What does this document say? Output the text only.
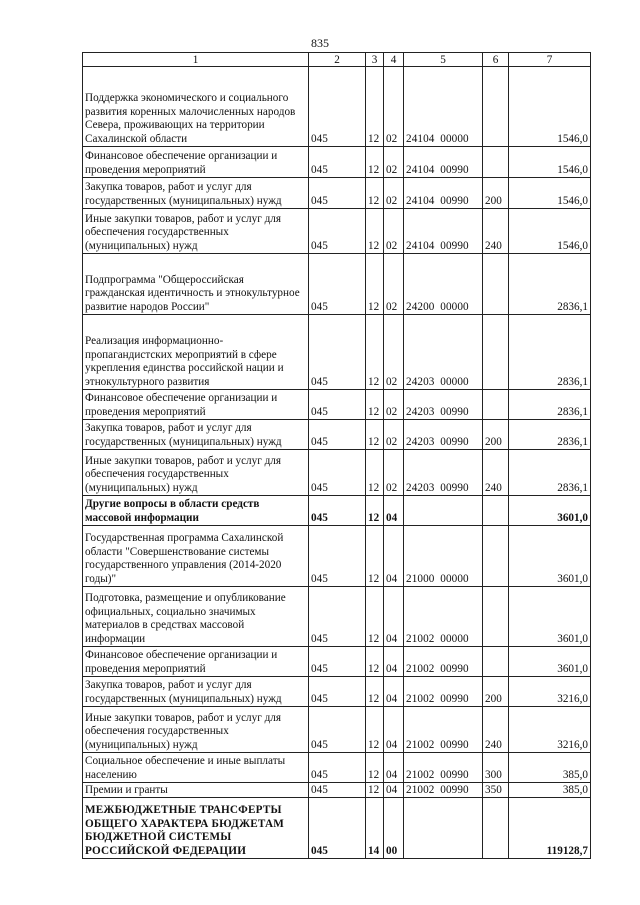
835
1	2	3	4	5	6	7
Поддержка экономического и социального развития коренных малочисленных народов Севера, проживающих на территории Сахалинской области	045	12	02	24104  00000		1546,0
Финансовое обеспечение организации и проведения мероприятий	045	12	02	24104  00990		1546,0
Закупка товаров, работ и услуг для государственных (муниципальных) нужд	045	12	02	24104  00990	200	1546,0
Иные закупки товаров, работ и услуг для обеспечения государственных (муниципальных) нужд	045	12	02	24104  00990	240	1546,0
Подпрограмма "Общероссийская гражданская идентичность и этнокультурное развитие народов России"	045	12	02	24200  00000		2836,1
Реализация информационно-пропагандистских мероприятий в сфере укрепления единства российской нации и этнокультурного развития	045	12	02	24203  00000		2836,1
Финансовое обеспечение организации и проведения мероприятий	045	12	02	24203  00990		2836,1
Закупка товаров, работ и услуг для государственных (муниципальных) нужд	045	12	02	24203  00990	200	2836,1
Иные закупки товаров, работ и услуг для обеспечения государственных (муниципальных) нужд	045	12	02	24203  00990	240	2836,1
Другие вопросы в области средств массовой информации	045	12	04			3601,0
Государственная программа Сахалинской области "Совершенствование системы государственного управления (2014-2020 годы)"	045	12	04	21000  00000		3601,0
Подготовка, размещение и опубликование официальных, социально значимых материалов в средствах массовой информации	045	12	04	21002  00000		3601,0
Финансовое обеспечение организации и проведения мероприятий	045	12	04	21002  00990		3601,0
Закупка товаров, работ и услуг для государственных (муниципальных) нужд	045	12	04	21002  00990	200	3216,0
Иные закупки товаров, работ и услуг для обеспечения государственных (муниципальных) нужд	045	12	04	21002  00990	240	3216,0
Социальное обеспечение и иные выплаты населению	045	12	04	21002  00990	300	385,0
Премии и гранты	045	12	04	21002  00990	350	385,0
МЕЖБЮДЖЕТНЫЕ ТРАНСФЕРТЫ ОБЩЕГО ХАРАКТЕРА БЮДЖЕТАМ БЮДЖЕТНОЙ СИСТЕМЫ РОССИЙСКОЙ ФЕДЕРАЦИИ	045	14	00			119128,7
